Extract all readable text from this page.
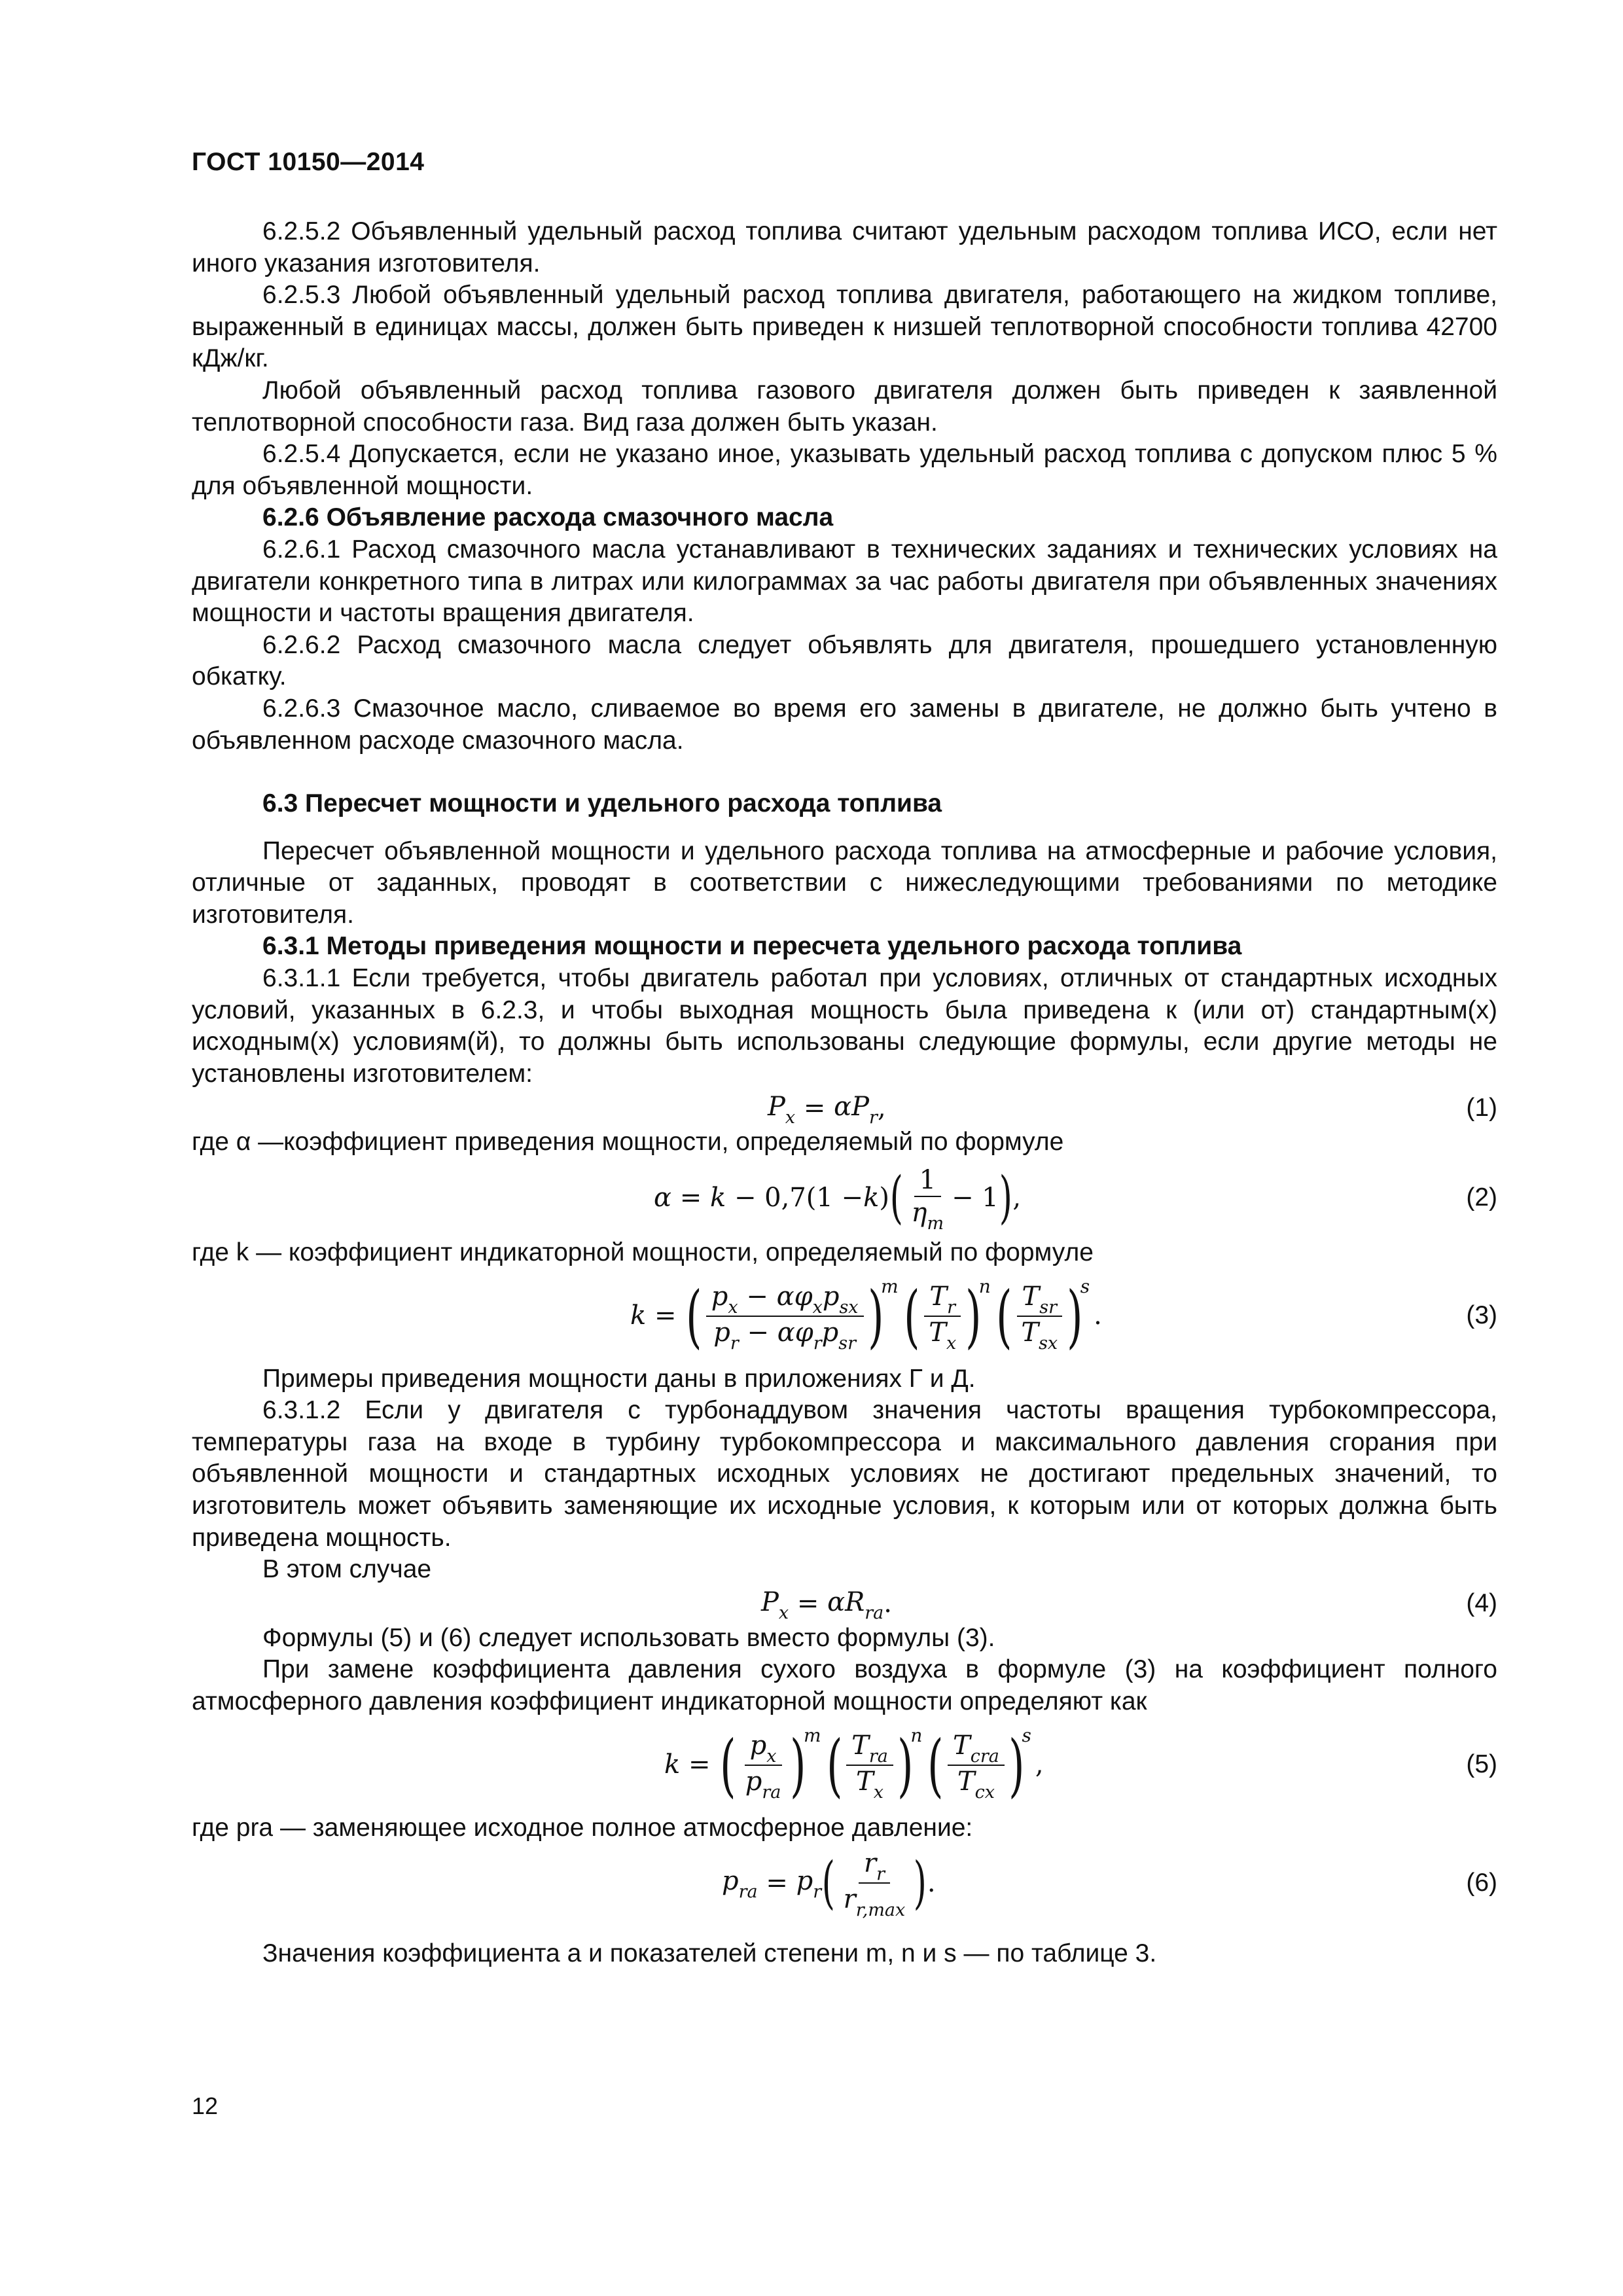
ГОСТ 10150—2014

6.2.5.2 Объявленный удельный расход топлива считают удельным расходом топлива ИСО, если нет иного указания изготовителя.

6.2.5.3 Любой объявленный удельный расход топлива двигателя, работающего на жидком топливе, выраженный в единицах массы, должен быть приведен к низшей теплотворной способности топлива 42700 кДж/кг.

Любой объявленный расход топлива газового двигателя должен быть приведен к заявленной теплотворной способности газа. Вид газа должен быть указан.

6.2.5.4 Допускается, если не указано иное, указывать удельный расход топлива с допуском плюс 5 % для объявленной мощности.

6.2.6 Объявление расхода смазочного масла

6.2.6.1 Расход смазочного масла устанавливают в технических заданиях и технических условиях на двигатели конкретного типа в литрах или килограммах за час работы двигателя при объявленных значениях мощности и частоты вращения двигателя.

6.2.6.2 Расход смазочного масла следует объявлять для двигателя, прошедшего установленную обкатку.

6.2.6.3 Смазочное масло, сливаемое во время его замены в двигателе, не должно быть учтено в объявленном расходе смазочного масла.

6.3 Пересчет мощности и удельного расхода топлива

Пересчет объявленной мощности и удельного расхода топлива на атмосферные и рабочие условия, отличные от заданных, проводят в соответствии с нижеследующими требованиями по методике изготовителя.

6.3.1 Методы приведения мощности и пересчета удельного расхода топлива

6.3.1.1 Если требуется, чтобы двигатель работал при условиях, отличных от стандартных исходных условий, указанных в 6.2.3, и чтобы выходная мощность была приведена к (или от) стандартным(х) исходным(х) условиям(й), то должны быть использованы следующие формулы, если другие методы не установлены изготовителем:

$P_x$
=
$\alpha P_r$ ,	(1)

где α —коэффициент приведения мощности, определяемый по формуле

α
=
k
− 0,7 (1 − k ) ( $\frac{1}{\eta_m} - 1$ ) ,	(2)

где k — коэффициент индикаторной мощности, определяемый по формуле

k
=
( $\frac{p_x - \alpha\varphi_xp_{sx}}{p_r - \alpha\varphi_rp_{sr}}$ )
m ( $\frac{T_r}{T_x}$ )
n ( $\frac{T_{sr}}{T_{sx}}$ )
s
.	(3)

Примеры приведения мощности даны в приложениях Г и Д.

6.3.1.2 Если у двигателя с турбонаддувом значения частоты вращения турбокомпрессора, температуры газа на входе в турбину турбокомпрессора и максимального давления сгорания при объявленной мощности и стандартных исходных условиях не достигают предельных значений, то изготовитель может объявить заменяющие их исходные условия, к которым или от которых должна быть приведена мощность.

В этом случае

$P_x$
=
$\alpha R_{ra}$ .	(4)

Формулы (5) и (6) следует использовать вместо формулы (3).

При замене коэффициента давления сухого воздуха в формуле (3) на коэффициент полного атмосферного давления коэффициент индикаторной мощности определяют как

k
=
( $\frac{p_x}{p_{ra}}$ )
m ( $\frac{T_{ra}}{T_x}$ )
n ( $\frac{T_{cra}}{T_{cx}}$ )
s
,	(5)

где pra — заменяющее исходное полное атмосферное давление:

$p_{ra}$
=
$p_r$ ( $\frac{r_r}{r_{r,max}}$ ) .	(6)

Значения коэффициента a и показателей степени m, n и s — по таблице 3.

12
